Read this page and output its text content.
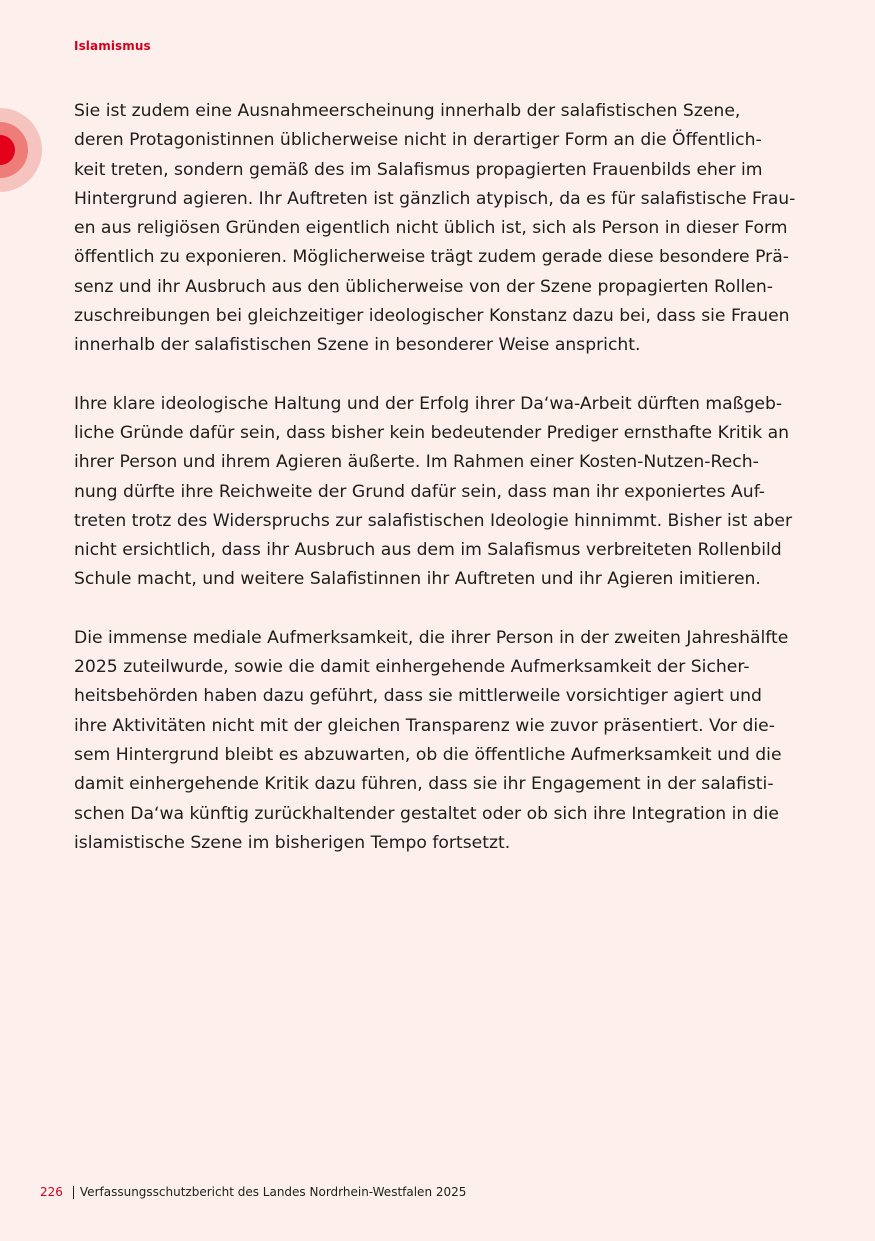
Islamismus

Sie ist zudem eine Ausnahmeerscheinung innerhalb der salafistischen Szene,
deren Protagonistinnen üblicherweise nicht in derartiger Form an die Öffentlich-
keit treten, sondern gemäß des im Salafismus propagierten Frauenbilds eher im
Hintergrund agieren. Ihr Auftreten ist gänzlich atypisch, da es für salafistische Frau-
en aus religiösen Gründen eigentlich nicht üblich ist, sich als Person in dieser Form
öffentlich zu exponieren. Möglicherweise trägt zudem gerade diese besondere Prä-
senz und ihr Ausbruch aus den üblicherweise von der Szene propagierten Rollen-
zuschreibungen bei gleichzeitiger ideologischer Konstanz dazu bei, dass sie Frauen
innerhalb der salafistischen Szene in besonderer Weise anspricht.

Ihre klare ideologische Haltung und der Erfolg ihrer Da‘wa-Arbeit dürften maßgeb-
liche Gründe dafür sein, dass bisher kein bedeutender Prediger ernsthafte Kritik an
ihrer Person und ihrem Agieren äußerte. Im Rahmen einer Kosten-Nutzen-Rech-
nung dürfte ihre Reichweite der Grund dafür sein, dass man ihr exponiertes Auf-
treten trotz des Widerspruchs zur salafistischen Ideologie hinnimmt. Bisher ist aber
nicht ersichtlich, dass ihr Ausbruch aus dem im Salafismus verbreiteten Rollenbild
Schule macht, und weitere Salafistinnen ihr Auftreten und ihr Agieren imitieren.

Die immense mediale Aufmerksamkeit, die ihrer Person in der zweiten Jahreshälfte
2025 zuteilwurde, sowie die damit einhergehende Aufmerksamkeit der Sicher-
heitsbehörden haben dazu geführt, dass sie mittlerweile vorsichtiger agiert und
ihre Aktivitäten nicht mit der gleichen Transparenz wie zuvor präsentiert. Vor die-
sem Hintergrund bleibt es abzuwarten, ob die öffentliche Aufmerksamkeit und die
damit einhergehende Kritik dazu führen, dass sie ihr Engagement in der salafisti-
schen Da‘wa künftig zurückhaltender gestaltet oder ob sich ihre Integration in die
islamistische Szene im bisherigen Tempo fortsetzt.

226 Verfassungsschutzbericht des Landes Nordrhein-Westfalen 2025
